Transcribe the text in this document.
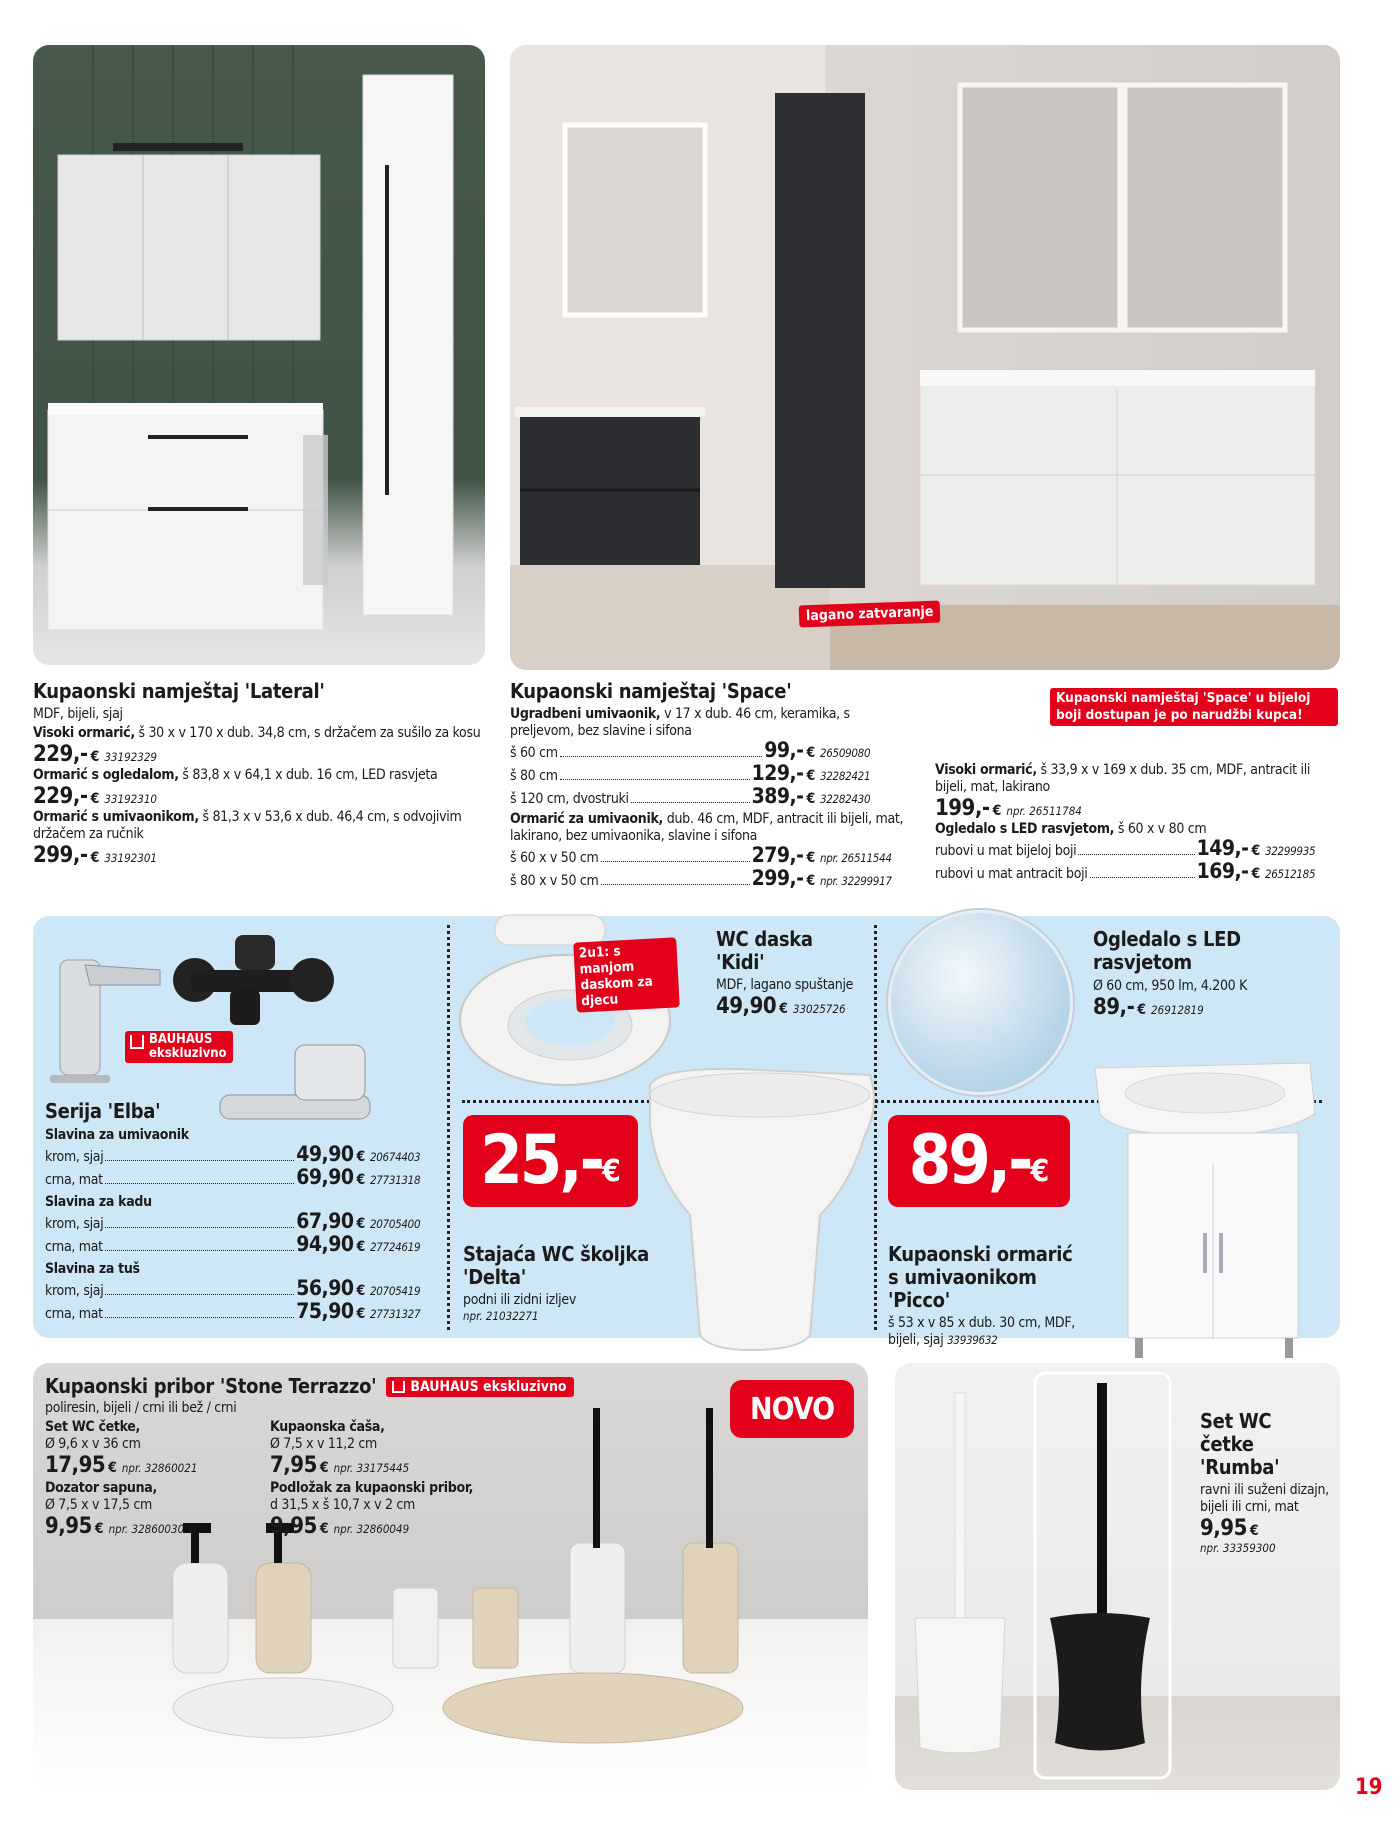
lagano zatvaranje
Kupaonski namještaj 'Lateral'
MDF, bijeli, sjaj
Visoki ormarić, š 30 x v 170 x dub. 34,8 cm, s držačem za sušilo za kosu
229,- € 33192329
Ormarić s ogledalom, š 83,8 x v 64,1 x dub. 16 cm, LED rasvjeta
229,- € 33192310
Ormarić s umivaonikom, š 81,3 x v 53,6 x dub. 46,4 cm, s odvojivim držačem za ručnik
299,- € 33192301
Kupaonski namještaj 'Space'
Ugradbeni umivaonik, v 17 x dub. 46 cm, keramika, s preljevom, bez slavine i sifona
š 60 cm	99,- € 26509080
š 80 cm	129,- € 32282421
š 120 cm, dvostruki	389,- € 32282430
Ormarić za umivaonik, dub. 46 cm, MDF, antracit ili bijeli, mat, lakirano, bez umivaonika, slavine i sifona
š 60 x v 50 cm	279,- € npr. 26511544
š 80 x v 50 cm	299,- € npr. 32299917
Kupaonski namještaj 'Space' u bijeloj boji dostupan je po narudžbi kupca!
Visoki ormarić, š 33,9 x v 169 x dub. 35 cm, MDF, antracit ili bijeli, mat, lakirano
199,- € npr. 26511784
Ogledalo s LED rasvjetom, š 60 x v 80 cm
rubovi u mat bijeloj boji	149,- € 32299935
rubovi u mat antracit boji	169,- € 26512185
BAUHAUS
ekskluzivno
Serija 'Elba'
Slavina za umivaonik
krom, sjaj	49,90 € 20674403
crna, mat	69,90 € 27731318
Slavina za kadu
krom, sjaj	67,90 € 20705400
crna, mat	94,90 € 27724619
Slavina za tuš
krom, sjaj	56,90 € 20705419
crna, mat	75,90 € 27731327
2u1: s manjom daskom za djecu
WC daska 'Kidi'
MDF, lagano spuštanje
49,90 € 33025726
Ogledalo s LED rasvjetom
Ø 60 cm, 950 lm, 4.200 K
89,- € 26912819
25,- €
Stajaća WC školjka 'Delta'
podni ili zidni izljev
npr. 21032271
89,- €
Kupaonski ormarić s umivaonikom 'Picco'
š 53 x v 85 x dub. 30 cm, MDF, bijeli, sjaj 33939632
Kupaonski pribor 'Stone Terrazzo'	BAUHAUS ekskluzivno
poliresin, bijeli / crni ili bež / crni
Set WC četke,
Ø 9,6 x v 36 cm
17,95 € npr. 32860021
Kupaonska čaša,
Ø 7,5 x v 11,2 cm
7,95 € npr. 33175445
Dozator sapuna,
Ø 7,5 x v 17,5 cm
9,95 € npr. 32860030
Podložak za kupaonski pribor,
d 31,5 x š 10,7 x v 2 cm
9,95 € npr. 32860049
NOVO	Set WC četke 'Rumba'
ravni ili suženi dizajn, bijeli ili crni, mat
9,95 €
npr. 33359300
19
